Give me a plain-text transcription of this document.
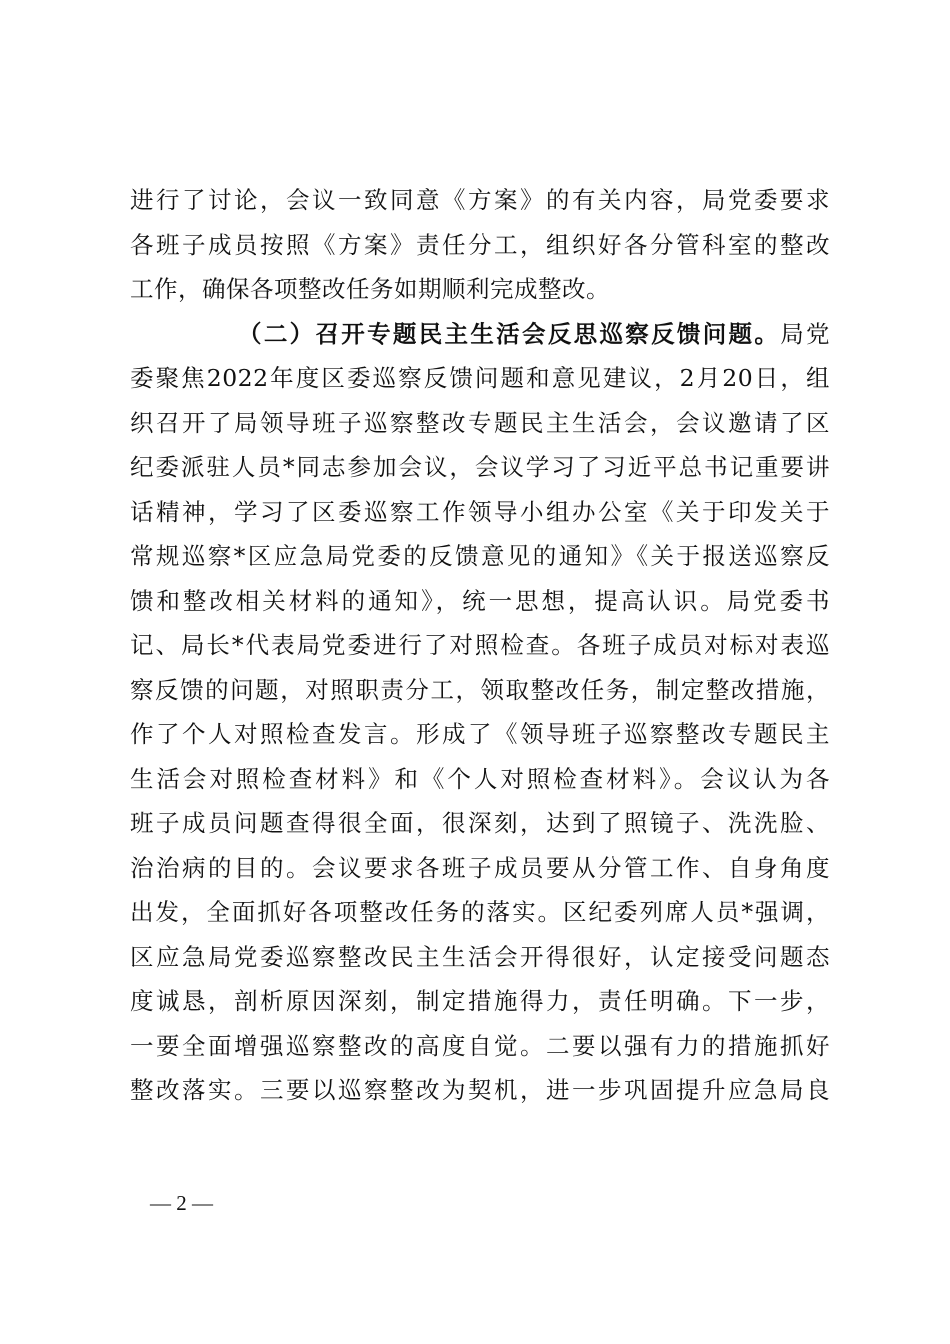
进行了讨论，会议一致同意《方案》的有关内容，局党委要求
各班子成员按照《方案》责任分工，组织好各分管科室的整改
工作，确保各项整改任务如期顺利完成整改。
（二）召开专题民主生活会反思巡察反馈问题。局党
委聚焦2022年度区委巡察反馈问题和意见建议，2月20日，组
织召开了局领导班子巡察整改专题民主生活会，会议邀请了区
纪委派驻人员*同志参加会议，会议学习了习近平总书记重要讲
话精神，学习了区委巡察工作领导小组办公室《关于印发关于
常规巡察*区应急局党委的反馈意见的通知》《关于报送巡察反
馈和整改相关材料的通知》，统一思想，提高认识。局党委书
记、局长*代表局党委进行了对照检查。各班子成员对标对表巡
察反馈的问题，对照职责分工，领取整改任务，制定整改措施，
作了个人对照检查发言。形成了《领导班子巡察整改专题民主
生活会对照检查材料》和《个人对照检查材料》。会议认为各
班子成员问题查得很全面，很深刻，达到了照镜子、洗洗脸、
治治病的目的。会议要求各班子成员要从分管工作、自身角度
出发，全面抓好各项整改任务的落实。区纪委列席人员*强调，
区应急局党委巡察整改民主生活会开得很好，认定接受问题态
度诚恳，剖析原因深刻，制定措施得力，责任明确。下一步，
一要全面增强巡察整改的高度自觉。二要以强有力的措施抓好
整改落实。三要以巡察整改为契机，进一步巩固提升应急局良
— 2 —
